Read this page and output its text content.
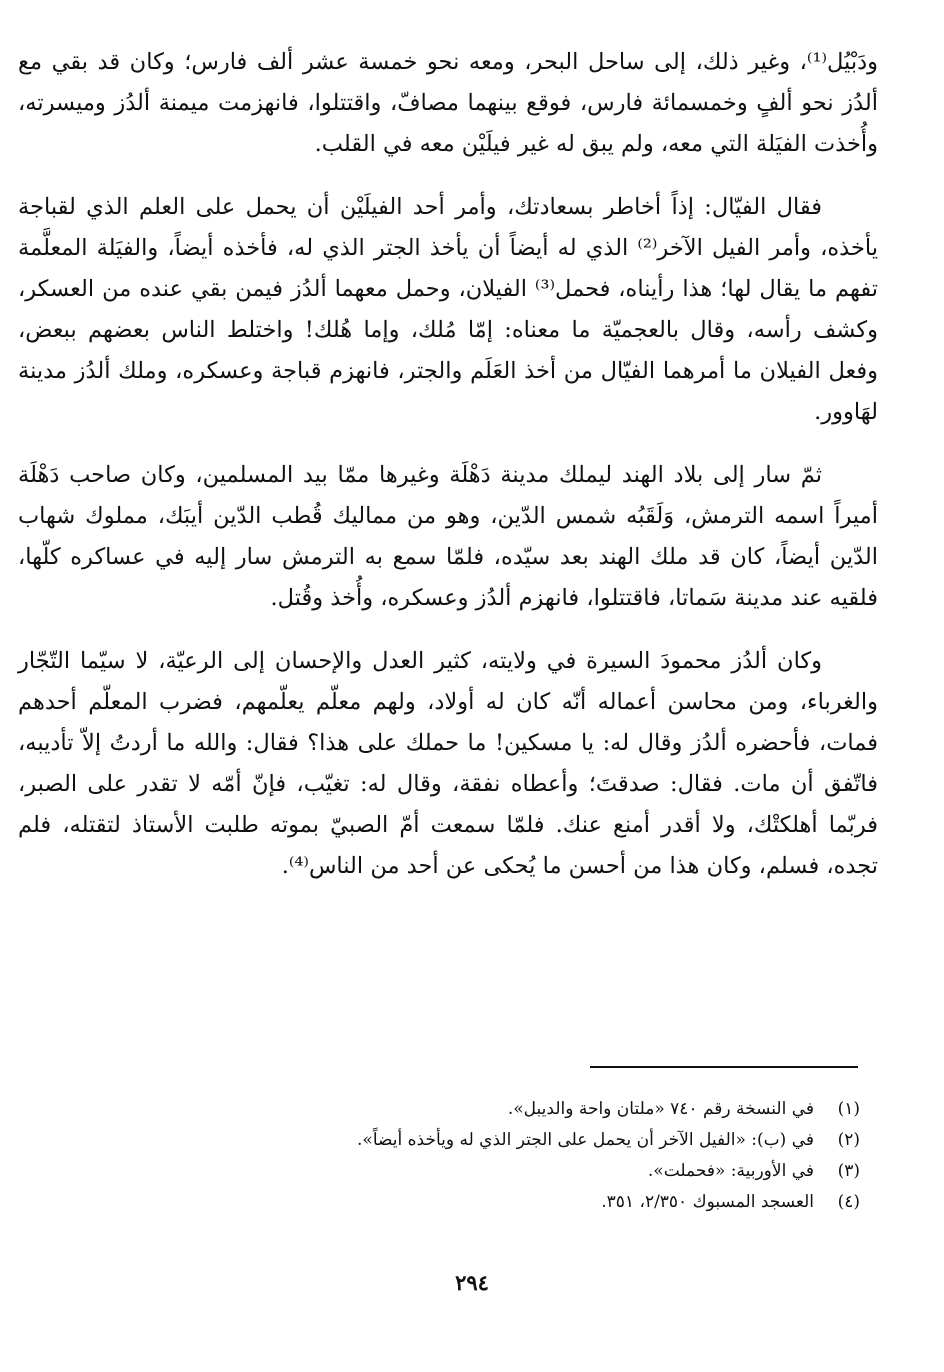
ودَبْيُل⁽¹⁾، وغير ذلك، إلى ساحل البحر، ومعه نحو خمسة عشر ألف فارس؛ وكان قد بقي مع ألدُز نحو ألفٍ وخمسمائة فارس، فوقع بينهما مصافّ، واقتتلوا، فانهزمت ميمنة ألدُز وميسرته، وأُخذت الفيَلة التي معه، ولم يبق له غير فيلَيْن معه في القلب.

فقال الفيّال: إذاً أخاطر بسعادتك، وأمر أحد الفيلَيْن أن يحمل على العلم الذي لقباجة يأخذه، وأمر الفيل الآخر⁽²⁾ الذي له أيضاً أن يأخذ الجتر الذي له، فأخذه أيضاً، والفيَلة المعلَّمة تفهم ما يقال لها؛ هذا رأيناه، فحمل⁽³⁾ الفيلان، وحمل معهما ألدُز فيمن بقي عنده من العسكر، وكشف رأسه، وقال بالعجميّة ما معناه: إمّا مُلك، وإما هُلك! واختلط الناس بعضهم ببعض، وفعل الفيلان ما أمرهما الفيّال من أخذ العَلَم والجتر، فانهزم قباجة وعسكره، وملك ألدُز مدينة لهَاوور.

ثمّ سار إلى بلاد الهند ليملك مدينة دَهْلَة وغيرها ممّا بيد المسلمين، وكان صاحب دَهْلَة أميراً اسمه الترمش، وَلَقَبُه شمس الدّين، وهو من مماليك قُطب الدّين أيبَك، مملوك شهاب الدّين أيضاً، كان قد ملك الهند بعد سيّده، فلمّا سمع به الترمش سار إليه في عساكره كلّها، فلقيه عند مدينة سَماتا، فاقتتلوا، فانهزم ألدُز وعسكره، وأُخذ وقُتل.

وكان ألدُز محمودَ السيرة في ولايته، كثير العدل والإحسان إلى الرعيّة، لا سيّما التّجّار والغرباء، ومن محاسن أعماله أنّه كان له أولاد، ولهم معلّم يعلّمهم، فضرب المعلّم أحدهم فمات، فأحضره ألدُز وقال له: يا مسكين! ما حملك على هذا؟ فقال: والله ما أردتُ إلاّ تأديبه، فاتّفق أن مات. فقال: صدقتَ؛ وأعطاه نفقة، وقال له: تغيّب، فإنّ أمّه لا تقدر على الصبر، فربّما أهلكتْك، ولا أقدر أمنع عنك. فلمّا سمعت أمّ الصبيّ بموته طلبت الأستاذ لتقتله، فلم تجده، فسلم، وكان هذا من أحسن ما يُحكى عن أحد من الناس⁽⁴⁾.

(١)
في النسخة رقم ٧٤٠ «ملتان واحة والديبل».
(٢)
في (ب): «الفيل الآخر أن يحمل على الجتر الذي له ويأخذه أيضاً».
(٣)
في الأوربية: «فحملت».
(٤)
العسجد المسبوك ٢/٣٥٠، ٣٥١.
٢٩٤
